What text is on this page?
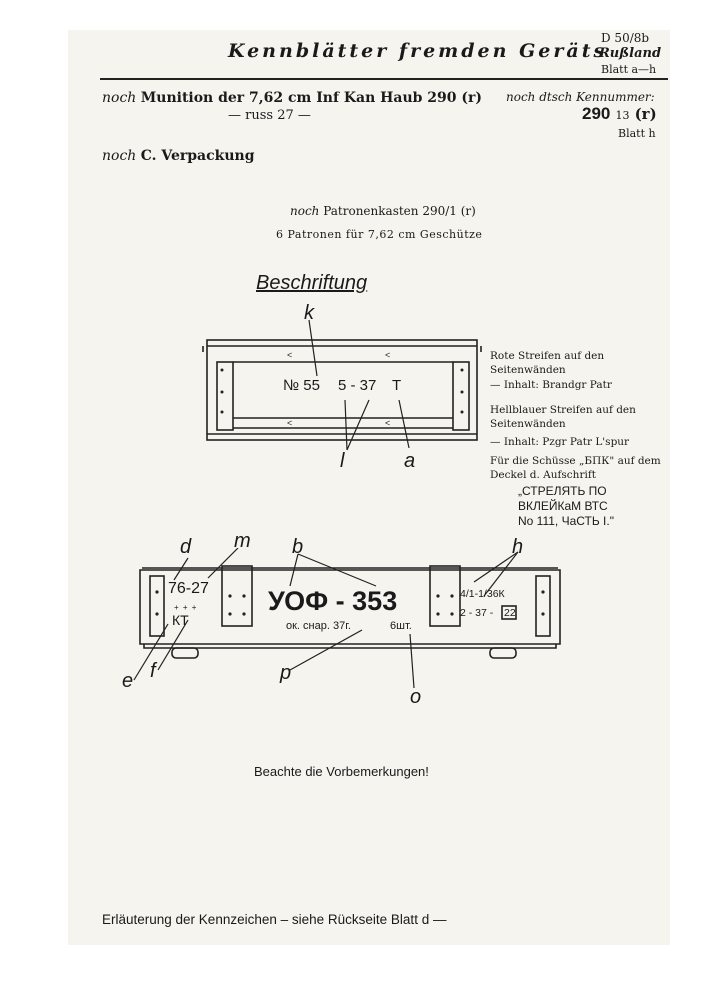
Kennblätter fremden Geräts
D 50/8b
Rußland
Blatt a—h
noch Munition der 7,62 cm Inf Kan Haub 290 (r)
— russ 27 —
noch dtsch Kennummer:
290 13 (r)
Blatt h
noch C. Verpackung
noch Patronenkasten 290/1 (r)
6 Patronen für 7,62 cm Geschütze
Beschriftung
<	<
<	<
k
l	a
№ 55 5 - 37 T
Rote Streifen auf den Seitenwänden
— Inhalt: Brandgr Patr
Hellblauer Streifen auf den Seitenwänden
— Inhalt: Pzgr Patr L'spur
Für die Schüsse „БПК" auf dem Deckel d. Aufschrift
„СТРЕЛЯТЬ ПО
ВКЛЕЙКаМ ВТС
No 111, ЧаСТЬ I."
d m b	h
e f	p
o
76-27
+ + +
КТ
УОФ - 353
ок. снар. 37г.	6шт.
4/1-1/36К
2 - 37 - 22
Beachte die Vorbemerkungen!
Erläuterung der Kennzeichen – siehe Rückseite Blatt d —
